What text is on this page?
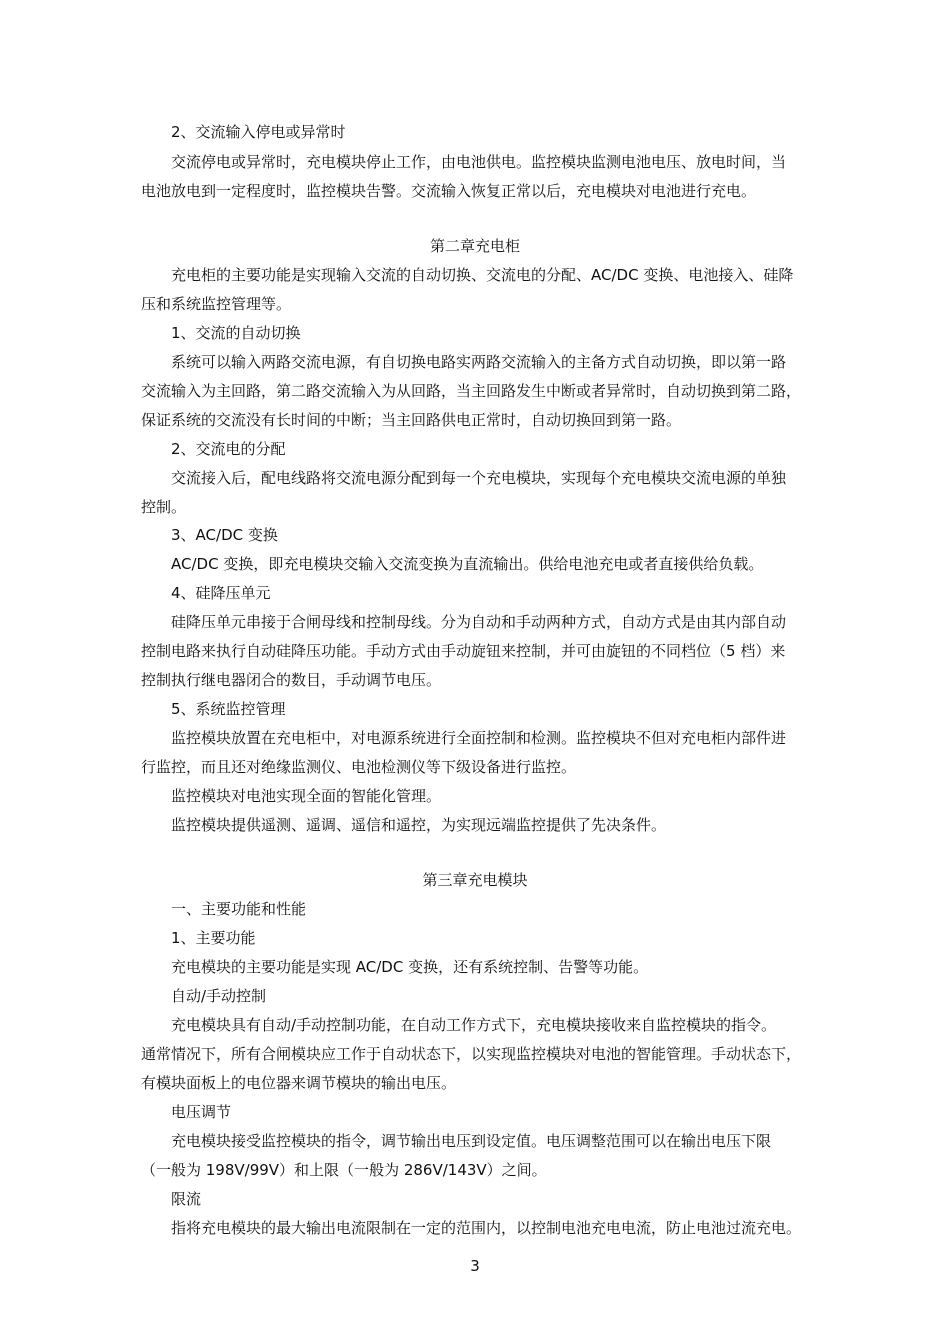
2、交流输入停电或异常时
交流停电或异常时，充电模块停止工作，由电池供电。监控模块监测电池电压、放电时间，当
电池放电到一定程度时，监控模块告警。交流输入恢复正常以后，充电模块对电池进行充电。
第二章充电柜
充电柜的主要功能是实现输入交流的自动切换、交流电的分配、AC/DC 变换、电池接入、硅降
压和系统监控管理等。
1、交流的自动切换
系统可以输入两路交流电源，有自切换电路实两路交流输入的主备方式自动切换，即以第一路
交流输入为主回路，第二路交流输入为从回路，当主回路发生中断或者异常时，自动切换到第二路，
保证系统的交流没有长时间的中断；当主回路供电正常时，自动切换回到第一路。
2、交流电的分配
交流接入后，配电线路将交流电源分配到每一个充电模块，实现每个充电模块交流电源的单独
控制。
3、AC/DC 变换
AC/DC 变换，即充电模块交输入交流变换为直流输出。供给电池充电或者直接供给负载。
4、硅降压单元
硅降压单元串接于合闸母线和控制母线。分为自动和手动两种方式，自动方式是由其内部自动
控制电路来执行自动硅降压功能。手动方式由手动旋钮来控制，并可由旋钮的不同档位（5 档）来
控制执行继电器闭合的数目，手动调节电压。
5、系统监控管理
监控模块放置在充电柜中，对电源系统进行全面控制和检测。监控模块不但对充电柜内部件进
行监控，而且还对绝缘监测仪、电池检测仪等下级设备进行监控。
监控模块对电池实现全面的智能化管理。
监控模块提供遥测、遥调、遥信和遥控，为实现远端监控提供了先决条件。
第三章充电模块
一、主要功能和性能
1、主要功能
充电模块的主要功能是实现 AC/DC 变换，还有系统控制、告警等功能。
自动/手动控制
充电模块具有自动/手动控制功能，在自动工作方式下，充电模块接收来自监控模块的指令。
通常情况下，所有合闸模块应工作于自动状态下，以实现监控模块对电池的智能管理。手动状态下，
有模块面板上的电位器来调节模块的输出电压。
电压调节
充电模块接受监控模块的指令，调节输出电压到设定值。电压调整范围可以在输出电压下限
（一般为 198V/99V）和上限（一般为 286V/143V）之间。
限流
指将充电模块的最大输出电流限制在一定的范围内，以控制电池充电电流，防止电池过流充电。
3
